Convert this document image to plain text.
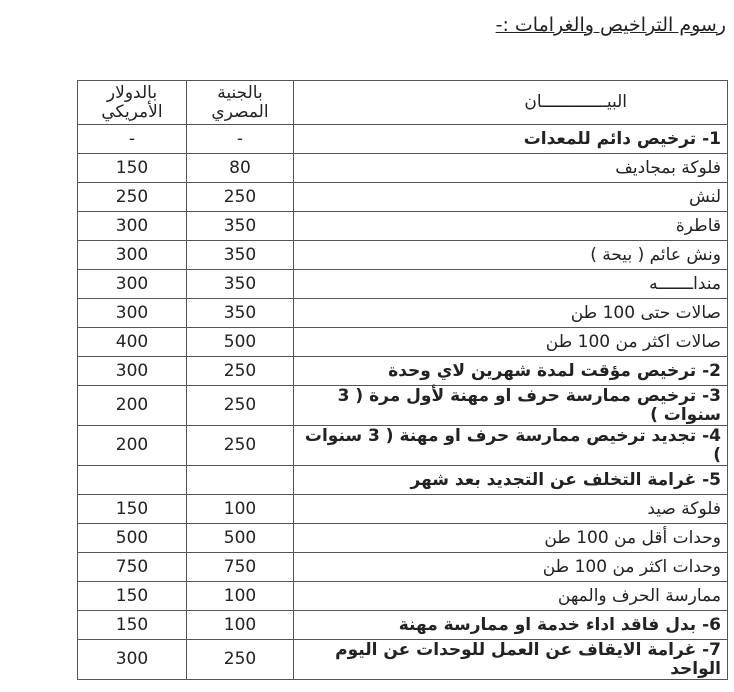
رسوم التراخيص والغرامات :-
البيـــــــــــــان	بالجنية المصري	بالدولار الأمريكي
1- ترخيص دائم للمعدات	-	-
فلوكة بمجاديف	80	150
لنش	250	250
قاطرة	350	300
ونش عائم ( بيحة )	350	300
منداـــــــه	350	300
صالات حتى 100 طن	350	300
صالات اكثر من 100 طن	500	400
2- ترخيص مؤقت لمدة شهرين لاي وحدة	250	300
3- ترخيص ممارسة حرف او مهنة لأول مرة ( 3 سنوات )	250	200
4- تجديد ترخيص ممارسة حرف او مهنة ( 3 سنوات )	250	200
5- غرامة التخلف عن التجديد بعد شهر		
فلوكة صيد	100	150
وحدات أقل من 100 طن	500	500
وحدات اكثر من 100 طن	750	750
ممارسة الحرف والمهن	100	150
6- بدل فاقد اداء خدمة او ممارسة مهنة	100	150
7- غرامة الايقاف عن العمل للوحدات عن اليوم الواحد	250	300
